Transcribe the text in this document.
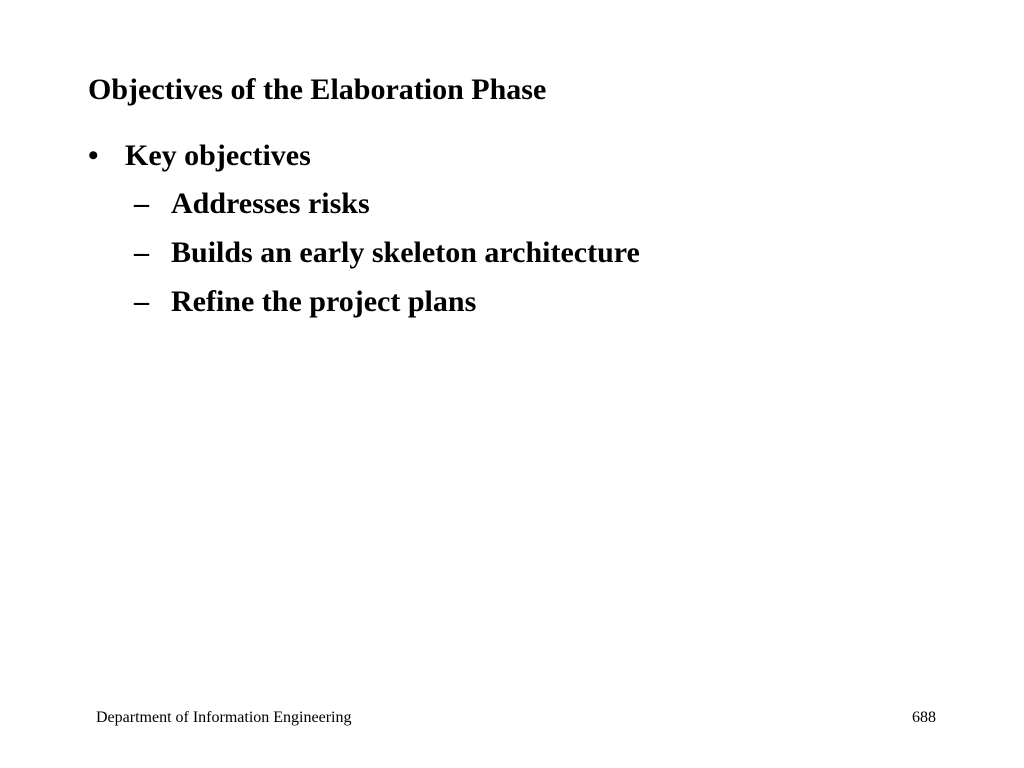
Objectives of the Elaboration Phase
• Key objectives
– Addresses risks
– Builds an early skeleton architecture
– Refine the project plans
Department of Information Engineering	688
